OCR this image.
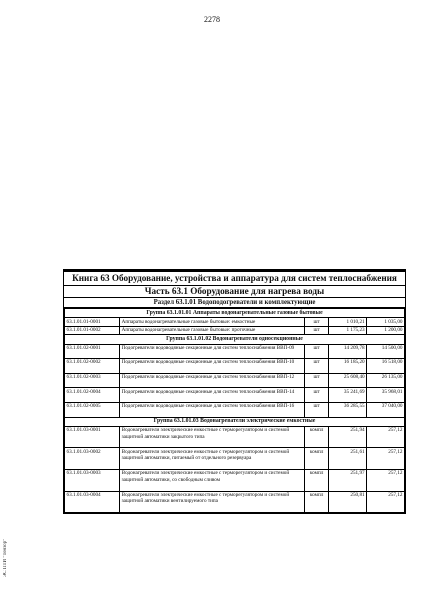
2278
ЭС ПТИ "Тензор"
Книга 63 Оборудование, устройства и аппаратура для систем теплоснабжения
Часть 63.1 Оборудование для нагрева воды
Раздел 63.1.01 Водоподогреватели и комплектующие
Группа 63.1.01.01 Аппараты водонагревательные газовые бытовые				
63.1.01.01-0001	Аппараты водонагревательные газовые бытовые: емкостные	шт	1 010,21	1 035,00
63.1.01.01-0002	Аппараты водонагревательные газовые бытовые: проточные	шт	1 175,23	1 200,00
Группа 63.1.01.02 Водонагреватели односекционные				
63.1.01.02-0001	Подогреватели водоводяные секционные для систем теплоснабжения ВВП-09	шт	14 209,78	14 500,00
63.1.01.02-0002	Подогреватели водоводяные секционные для систем теплоснабжения ВВП-10	шт	16 185,20	16 518,00
63.1.01.02-0003	Подогреватели водоводяные секционные для систем теплоснабжения ВВП-12	шт	25 608,40	26 135,00
63.1.01.02-0004	Подогреватели водоводяные секционные для систем теплоснабжения ВВП-14	шт	35 241,69	35 968,01
63.1.01.02-0005	Подогреватели водоводяные секционные для систем теплоснабжения ВВП-16	шт	36 285,55	37 040,00
Группа 63.1.01.03 Водонагреватели электрические емкостные				
63.1.01.03-0001	Водонагреватели электрические емкостные с терморегулятором и системой защитной автоматики закрытого типа	компл	251,94	257,12
63.1.01.03-0002	Водонагреватели электрические емкостные с терморегулятором и системой защитной автоматики, питаемый от отдельного резервуара	компл	251,61	257,12
63.1.01.03-0003	Водонагреватели электрические емкостные с терморегулятором и системой защитной автоматики, со свободным сливом	компл	251,97	257,12
63.1.01.03-0004	Водонагреватели электрические емкостные с терморегулятором и системой защитной автоматики вентилируемого типа	компл	250,81	257,12
